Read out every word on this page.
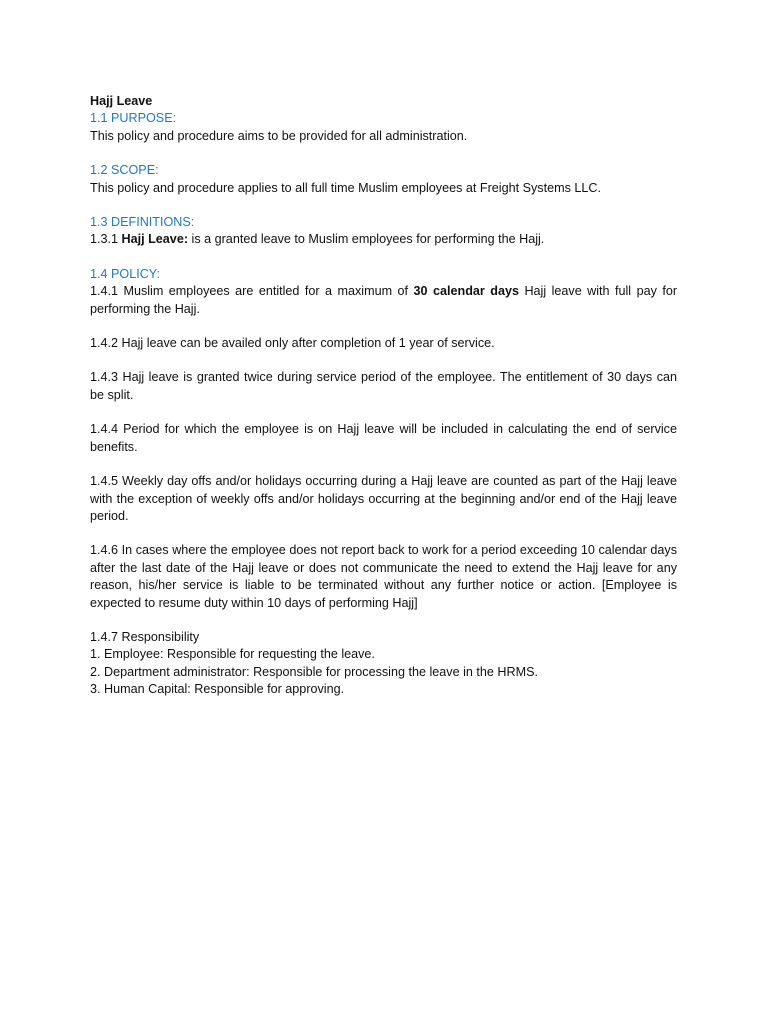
Hajj Leave

1.1 PURPOSE:

This policy and procedure aims to be provided for all administration.

1.2 SCOPE:

This policy and procedure applies to all full time Muslim employees at Freight Systems LLC.

1.3 DEFINITIONS:

1.3.1 Hajj Leave: is a granted leave to Muslim employees for performing the Hajj.

1.4 POLICY:

1.4.1 Muslim employees are entitled for a maximum of 30 calendar days Hajj leave with full pay for performing the Hajj.

1.4.2 Hajj leave can be availed only after completion of 1 year of service.

1.4.3 Hajj leave is granted twice during service period of the employee. The entitlement of 30 days can be split.

1.4.4 Period for which the employee is on Hajj leave will be included in calculating the end of service benefits.

1.4.5 Weekly day offs and/or holidays occurring during a Hajj leave are counted as part of the Hajj leave with the exception of weekly offs and/or holidays occurring at the beginning and/or end of the Hajj leave period.

1.4.6 In cases where the employee does not report back to work for a period exceeding 10 calendar days after the last date of the Hajj leave or does not communicate the need to extend the Hajj leave for any reason, his/her service is liable to be terminated without any further notice or action. [Employee is expected to resume duty within 10 days of performing Hajj]

1.4.7 Responsibility

1. Employee: Responsible for requesting the leave.

2. Department administrator: Responsible for processing the leave in the HRMS.

3. Human Capital: Responsible for approving.
